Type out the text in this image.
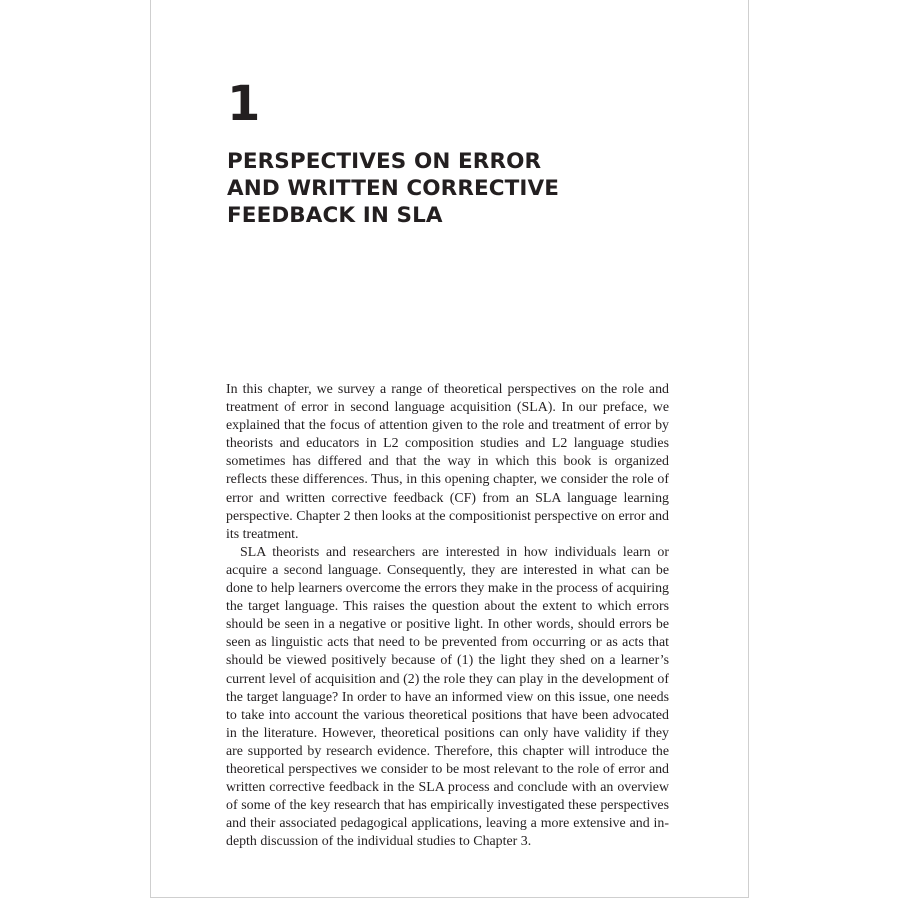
1
PERSPECTIVES ON ERROR
AND WRITTEN CORRECTIVE
FEEDBACK IN SLA

In this chapter, we survey a range of theoretical perspectives on the role and treatment of error in second language acquisition (SLA). In our preface, we explained that the focus of attention given to the role and treatment of error by theorists and educators in L2 composition studies and L2 language studies sometimes has differed and that the way in which this book is organized reflects these differences. Thus, in this opening chapter, we consider the role of error and written corrective feedback (CF) from an SLA language learning perspective. Chapter 2 then looks at the compositionist perspective on error and its treatment.

SLA theorists and researchers are interested in how individuals learn or acquire a second language. Consequently, they are interested in what can be done to help learners overcome the errors they make in the process of acquiring the target language. This raises the question about the extent to which errors should be seen in a negative or positive light. In other words, should errors be seen as linguistic acts that need to be prevented from occurring or as acts that should be viewed positively because of (1) the light they shed on a learner’s current level of acquisition and (2) the role they can play in the development of the target language? In order to have an informed view on this issue, one needs to take into account the various theoretical positions that have been advocated in the literature. However, theoretical positions can only have validity if they are supported by research evidence. Therefore, this chapter will introduce the theoretical perspectives we consider to be most relevant to the role of error and written corrective feedback in the SLA process and conclude with an overview of some of the key research that has empirically investigated these perspectives and their associated pedagogical applications, leaving a more extensive and in-depth discussion of the individual studies to Chapter 3.
